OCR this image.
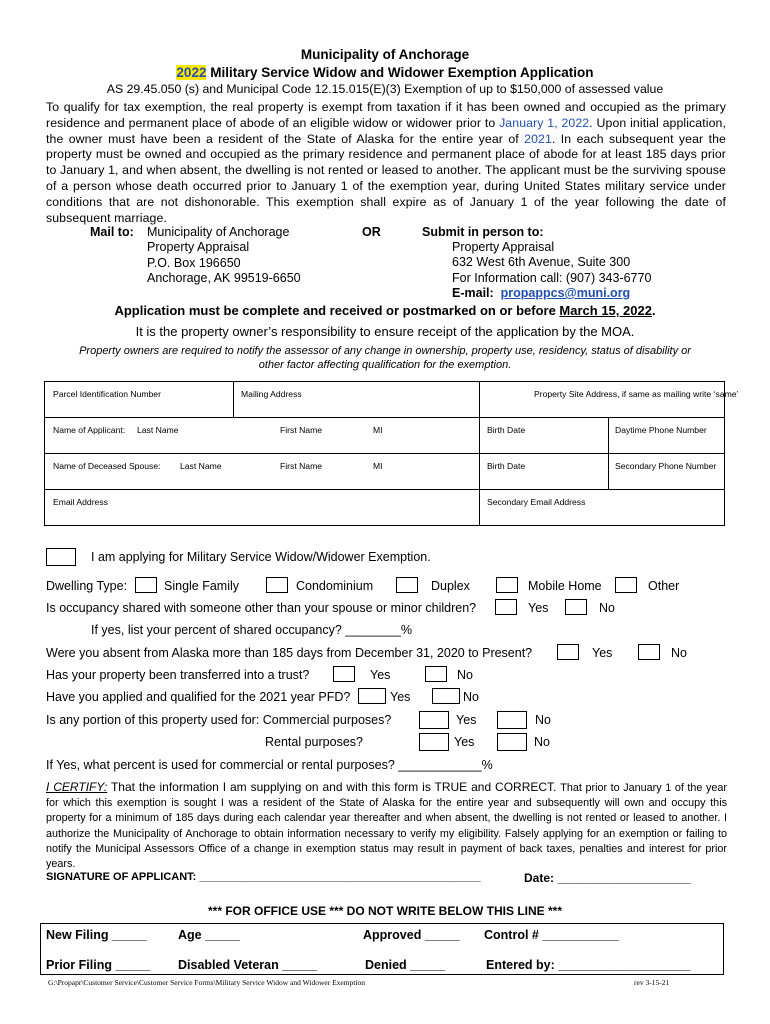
Municipality of Anchorage
2022 Military Service Widow and Widower Exemption Application
AS 29.45.050 (s) and Municipal Code 12.15.015(E)(3) Exemption of up to $150,000 of assessed value
To qualify for tax exemption, the real property is exempt from taxation if it has been owned and occupied as the primary residence and permanent place of abode of an eligible widow or widower prior to January 1, 2022. Upon initial application, the owner must have been a resident of the State of Alaska for the entire year of 2021. In each subsequent year the property must be owned and occupied as the primary residence and permanent place of abode for at least 185 days prior to January 1, and when absent, the dwelling is not rented or leased to another. The applicant must be the surviving spouse of a person whose death occurred prior to January 1 of the exemption year, during United States military service under conditions that are not dishonorable. This exemption shall expire as of January 1 of the year following the date of subsequent marriage.
Mail to: Municipality of Anchorage
Property Appraisal
P.O. Box 196650
Anchorage, AK 99519-6650
OR	Submit in person to:
Property Appraisal
632 West 6th Avenue, Suite 300
For Information call: (907) 343-6770
E-mail: propappcs@muni.org
Application must be complete and received or postmarked on or before March 15, 2022.
It is the property owner’s responsibility to ensure receipt of the application by the MOA.
Property owners are required to notify the assessor of any change in ownership, property use, residency, status of disability or
other factor affecting qualification for the exemption.
Parcel Identification Number	Mailing Address	Property Site Address, if same as mailing write ‘same’	

Name of Applicant: Last Name First Name MI		Birth Date	Daytime Phone Number

Name of Deceased Spouse: Last Name First Name MI		Birth Date	Secondary Phone Number

Email Address		Secondary Email Address	
I am applying for Military Service Widow/Widower Exemption.
Dwelling Type:	Single Family	Condominium	Duplex	Mobile Home	Other
Is occupancy shared with someone other than your spouse or minor children?	Yes	No
If yes, list your percent of shared occupancy? ________%
Were you absent from Alaska more than 185 days from December 31, 2020 to Present?	Yes	No
Has your property been transferred into a trust?	Yes	No
Have you applied and qualified for the 2021 year PFD?	Yes	No
Is any portion of this property used for: Commercial purposes?	Yes	No
Rental purposes?	Yes	No
If Yes, what percent is used for commercial or rental purposes? ____________%
I CERTIFY: That the information I am supplying on and with this form is TRUE and CORRECT. That prior to January 1 of the year for which this exemption is sought I was a resident of the State of Alaska for the entire year and subsequently will own and occupy this property for a minimum of 185 days during each calendar year thereafter and when absent, the dwelling is not rented or leased to another. I authorize the Municipality of Anchorage to obtain information necessary to verify my eligibility. Falsely applying for an exemption or failing to notify the Municipal Assessors Office of a change in exemption status may result in payment of back taxes, penalties and interest for prior years.
SIGNATURE OF APPLICANT: ______________________________________________	Date: ____________________
*** FOR OFFICE USE *** DO NOT WRITE BELOW THIS LINE ***
New Filing _____	Age _____	Approved _____ Control # ___________
Prior Filing _____ Disabled Veteran _____	Denied _____	Entered by: ___________________
G:\Propapr\Customer Service\Customer Service Forms\Military Service Widow and Widower Exemption	rev 3-15-21
